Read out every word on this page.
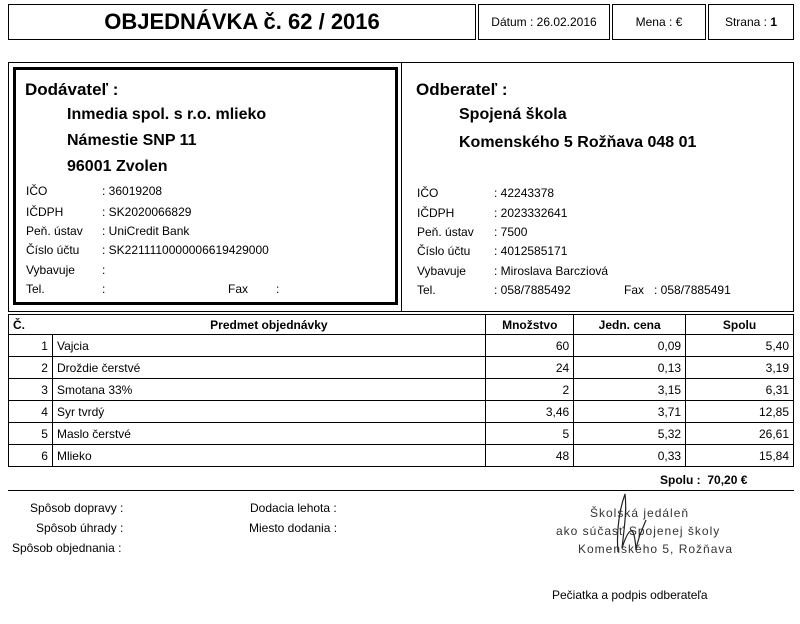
OBJEDNÁVKA č. 62 / 2016	Dátum : 26.02.2016	Mena : €	Strana :
1
Dodávateľ :
Inmedia spol. s r.o. mlieko
Námestie SNP 11
96001 Zvolen
IČO	: 36019208
IČDPH	: SK2020066829
Peň. ústav : UniCredit Bank
Číslo účtu : SK2211110000006619429000
Vybavuje :
Tel.	:	Fax :
Odberateľ :
Spojená škola
Komenského 5 Rožňava 048 01
IČO	: 42243378
IČDPH	: 2023332641
Peň. ústav : 7500
Číslo účtu : 4012585171
Vybavuje : Miroslava Barcziová
Tel.	: 058/7885492	Fax : 058/7885491
Č.	Predmet objednávky	Množstvo	Jedn. cena	Spolu
1	Vajcia	60	0,09	5,40
2	Droždie čerstvé	24	0,13	3,19
3	Smotana 33%	2	3,15	6,31
4	Syr tvrdý	3,46	3,71	12,85
5	Maslo čerstvé	5	5,32	26,61
6	Mlieko	48	0,33	15,84
Spolu : 70,20 €
Spôsob dopravy :
Spôsob úhrady :
Spôsob objednania :
Dodacia lehota :
Miesto dodania :
Školská jedáleň
ako súčasť Spojenej školy
Komenského 5, Rožňava
Pečiatka a podpis odberateľa
